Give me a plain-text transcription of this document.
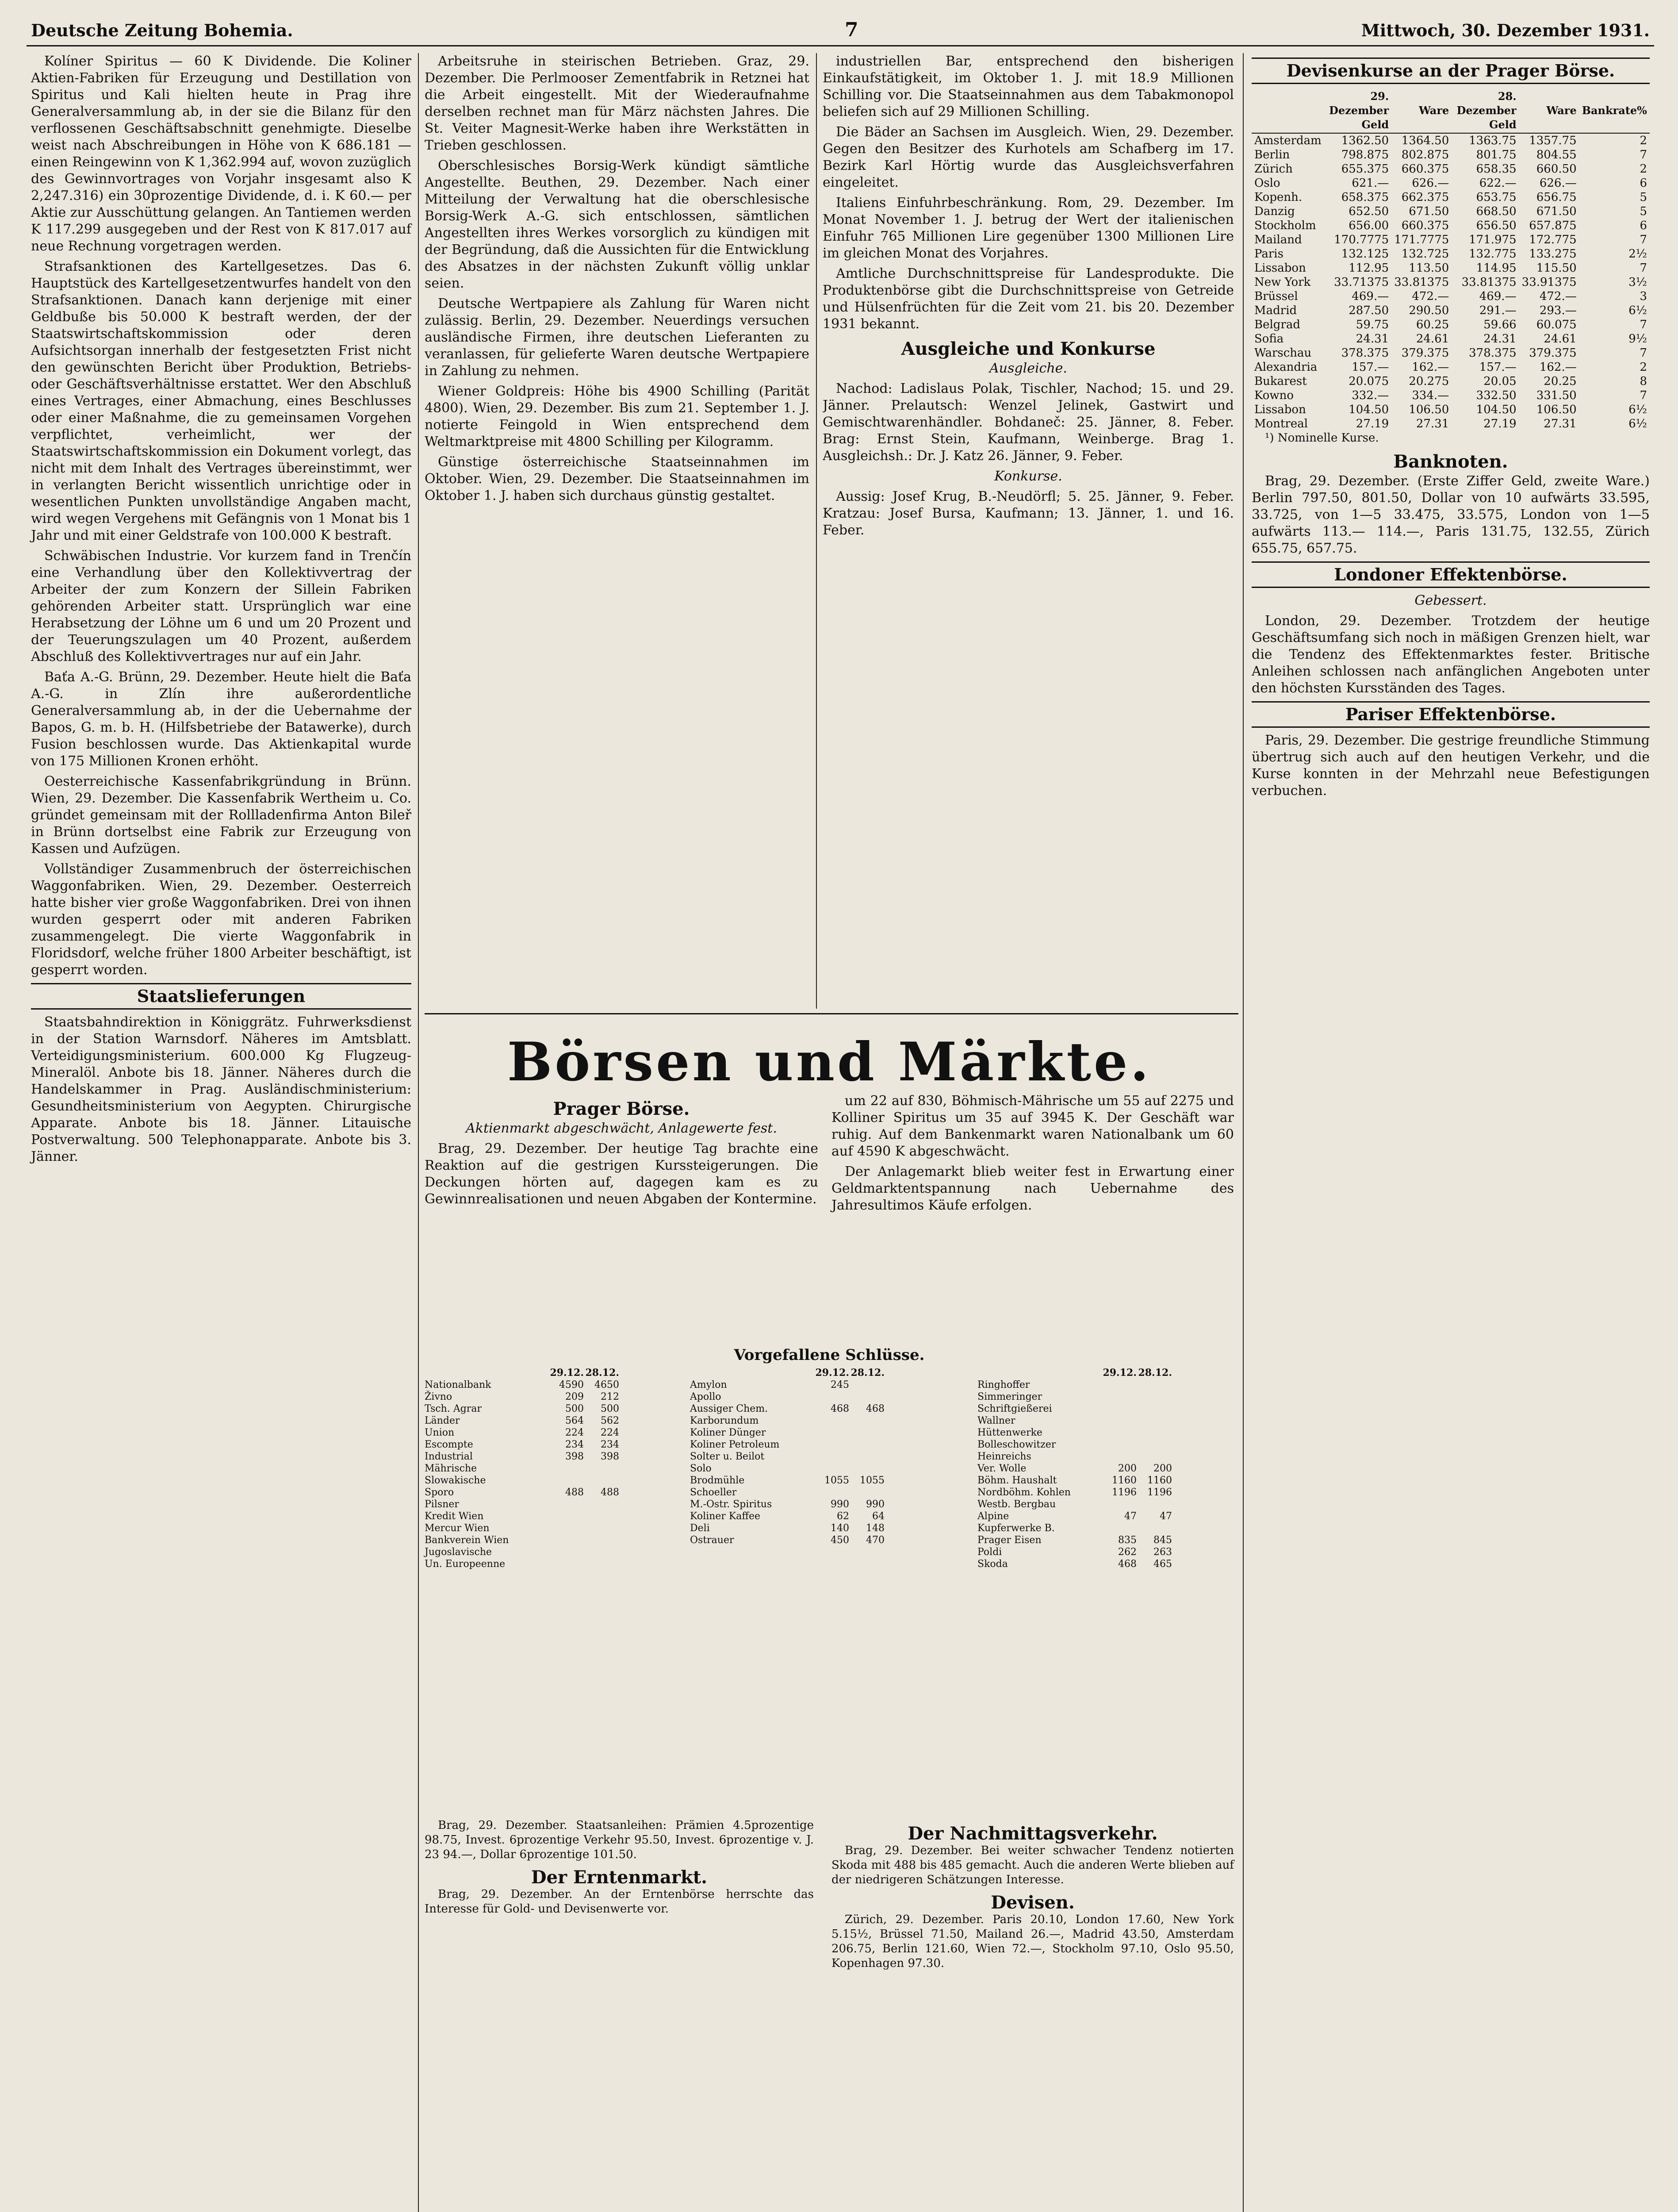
Deutsche Zeitung Bohemia.	7	Mittwoch, 30. Dezember 1931.

Kolíner Spiritus — 60 K Dividende. Die Koliner Aktien-Fabriken für Erzeugung und Destillation von Spiritus und Kali hielten heute in Prag ihre Generalversammlung ab, in der sie die Bilanz für den verflossenen Geschäftsabschnitt genehmigte. Dieselbe weist nach Abschreibungen in Höhe von K 686.181 — einen Reingewinn von K 1,362.994 auf, wovon zuzüglich des Gewinnvortrages von Vorjahr insgesamt also K 2,247.316) ein 30prozentige Dividende, d. i. K 60.— per Aktie zur Ausschüttung gelangen. An Tantiemen werden K 117.299 ausgegeben und der Rest von K 817.017 auf neue Rechnung vorgetragen werden.

Strafsanktionen des Kartellgesetzes. Das 6. Hauptstück des Kartellgesetzentwurfes handelt von den Strafsanktionen. Danach kann derjenige mit einer Geldbuße bis 50.000 K bestraft werden, der der Staatswirtschaftskommission oder deren Aufsichtsorgan innerhalb der festgesetzten Frist nicht den gewünschten Bericht über Produktion, Betriebs- oder Geschäftsverhältnisse erstattet. Wer den Abschluß eines Vertrages, einer Abmachung, eines Beschlusses oder einer Maßnahme, die zu gemeinsamen Vorgehen verpflichtet, verheimlicht, wer der Staatswirtschaftskommission ein Dokument vorlegt, das nicht mit dem Inhalt des Vertrages übereinstimmt, wer in verlangten Bericht wissentlich unrichtige oder in wesentlichen Punkten unvollständige Angaben macht, wird wegen Vergehens mit Gefängnis von 1 Monat bis 1 Jahr und mit einer Geldstrafe von 100.000 K bestraft.

Schwäbischen Industrie. Vor kurzem fand in Trenčín eine Verhandlung über den Kollektivvertrag der Arbeiter der zum Konzern der Sillein Fabriken gehörenden Arbeiter statt. Ursprünglich war eine Herabsetzung der Löhne um 6 und um 20 Prozent und der Teuerungszulagen um 40 Prozent, außerdem Abschluß des Kollektivvertrages nur auf ein Jahr.

Baťa A.-G. Brünn, 29. Dezember. Heute hielt die Baťa A.-G. in Zlín ihre außerordentliche Generalversammlung ab, in der die Uebernahme der Bapos, G. m. b. H. (Hilfsbetriebe der Batawerke), durch Fusion beschlossen wurde. Das Aktienkapital wurde von 175 Millionen Kronen erhöht.

Oesterreichische Kassenfabrikgründung in Brünn. Wien, 29. Dezember. Die Kassenfabrik Wertheim u. Co. gründet gemeinsam mit der Rollladenfirma Anton Bileř in Brünn dortselbst eine Fabrik zur Erzeugung von Kassen und Aufzügen.

Vollständiger Zusammenbruch der österreichischen Waggonfabriken. Wien, 29. Dezember. Oesterreich hatte bisher vier große Waggonfabriken. Drei von ihnen wurden gesperrt oder mit anderen Fabriken zusammengelegt. Die vierte Waggonfabrik in Floridsdorf, welche früher 1800 Arbeiter beschäftigt, ist gesperrt worden.

Staatslieferungen

Staatsbahndirektion in Königgrätz. Fuhrwerksdienst in der Station Warnsdorf. Näheres im Amtsblatt. Verteidigungsministerium. 600.000 Kg Flugzeug-Mineralöl. Anbote bis 18. Jänner. Näheres durch die Handelskammer in Prag. Ausländischministerium: Gesundheitsministerium von Aegypten. Chirurgische Apparate. Anbote bis 18. Jänner. Litauische Postverwaltung. 500 Telephonapparate. Anbote bis 3. Jänner.

Arbeitsruhe in steirischen Betrieben. Graz, 29. Dezember. Die Perlmooser Zementfabrik in Retznei hat die Arbeit eingestellt. Mit der Wiederaufnahme derselben rechnet man für März nächsten Jahres. Die St. Veiter Magnesit-Werke haben ihre Werkstätten in Trieben geschlossen.

Oberschlesisches Borsig-Werk kündigt sämtliche Angestellte. Beuthen, 29. Dezember. Nach einer Mitteilung der Verwaltung hat die oberschlesische Borsig-Werk A.-G. sich entschlossen, sämtlichen Angestellten ihres Werkes vorsorglich zu kündigen mit der Begründung, daß die Aussichten für die Entwicklung des Absatzes in der nächsten Zukunft völlig unklar seien.

Deutsche Wertpapiere als Zahlung für Waren nicht zulässig. Berlin, 29. Dezember. Neuerdings versuchen ausländische Firmen, ihre deutschen Lieferanten zu veranlassen, für gelieferte Waren deutsche Wertpapiere in Zahlung zu nehmen.

Wiener Goldpreis: Höhe bis 4900 Schilling (Parität 4800). Wien, 29. Dezember. Bis zum 21. September 1. J. notierte Feingold in Wien entsprechend dem Weltmarktpreise mit 4800 Schilling per Kilogramm.

Günstige österreichische Staatseinnahmen im Oktober. Wien, 29. Dezember. Die Staatseinnahmen im Oktober 1. J. haben sich durchaus günstig gestaltet.

industriellen Bar, entsprechend den bisherigen Einkaufstätigkeit, im Oktober 1. J. mit 18.9 Millionen Schilling vor. Die Staatseinnahmen aus dem Tabakmonopol beliefen sich auf 29 Millionen Schilling.

Die Bäder an Sachsen im Ausgleich. Wien, 29. Dezember. Gegen den Besitzer des Kurhotels am Schafberg im 17. Bezirk Karl Hörtig wurde das Ausgleichsverfahren eingeleitet.

Italiens Einfuhrbeschränkung. Rom, 29. Dezember. Im Monat November 1. J. betrug der Wert der italienischen Einfuhr 765 Millionen Lire gegenüber 1300 Millionen Lire im gleichen Monat des Vorjahres.

Amtliche Durchschnittspreise für Landesprodukte. Die Produktenbörse gibt die Durchschnittspreise von Getreide und Hülsenfrüchten für die Zeit vom 21. bis 20. Dezember 1931 bekannt.

Ausgleiche und Konkurse
Ausgleiche.

Nachod: Ladislaus Polak, Tischler, Nachod; 15. und 29. Jänner. Prelautsch: Wenzel Jelinek, Gastwirt und Gemischtwarenhändler. Bohdaneč: 25. Jänner, 8. Feber. Brag: Ernst Stein, Kaufmann, Weinberge. Brag 1. Ausgleichsh.: Dr. J. Katz 26. Jänner, 9. Feber.

Konkurse.

Aussig: Josef Krug, B.-Neudörfl; 5. 25. Jänner, 9. Feber. Kratzau: Josef Bursa, Kaufmann; 13. Jänner, 1. und 16. Feber.

Börsen und Märkte.
Prager Börse.
Aktienmarkt abgeschwächt, Anlagewerte fest.

Brag, 29. Dezember. Der heutige Tag brachte eine Reaktion auf die gestrigen Kurssteigerungen. Die Deckungen hörten auf, dagegen kam es zu Gewinnrealisationen und neuen Abgaben der Kontermine.

um 22 auf 830, Böhmisch-Mährische um 55 auf 2275 und Kolliner Spiritus um 35 auf 3945 K. Der Geschäft war ruhig. Auf dem Bankenmarkt waren Nationalbank um 60 auf 4590 K abgeschwächt.

Der Anlagemarkt blieb weiter fest in Erwartung einer Geldmarktentspannung nach Uebernahme des Jahresultimos Käufe erfolgen.

Vorgefallene Schlüsse.
29.12. 28.12.
Nationalbank	4590	4650
Živno	209	212
Tsch. Agrar	500	500
Länder	564	562
Union	224	224
Escompte	234	234
Industrial	398	398
Mährische
Slowakische
Sporo	488	488
Pilsner
Kredit Wien
Mercur Wien
Bankverein Wien
Jugoslavische
Un. Europeenne
29.12. 28.12.
Amylon	245
Apollo
Aussiger Chem.	468	468
Karborundum
Koliner Dünger
Koliner Petroleum
Solter u. Beilot
Solo
Brodmühle	1055	1055
Schoeller
M.-Ostr. Spiritus	990	990
Koliner Kaffee	62	64
Deli	140	148
Ostrauer	450	470
29.12. 28.12.
Ringhoffer
Simmeringer
Schriftgießerei
Wallner
Hüttenwerke
Bolleschowitzer
Heinreichs
Ver. Wolle	200	200
Böhm. Haushalt	1160	1160
Nordböhm. Kohlen	1196	1196
Westb. Bergbau
Alpine	47	47
Kupferwerke B.
Prager Eisen	835	845
Poldi	262	263
Skoda	468	465

Brag, 29. Dezember. Staatsanleihen: Prämien 4.5prozentige 98.75, Invest. 6prozentige Verkehr 95.50, Invest. 6prozentige v. J. 23 94.—, Dollar 6prozentige 101.50.

Der Erntenmarkt.

Brag, 29. Dezember. An der Erntenbörse herrschte das Interesse für Gold- und Devisenwerte vor.

Der Nachmittagsverkehr.

Brag, 29. Dezember. Bei weiter schwacher Tendenz notierten Skoda mit 488 bis 485 gemacht. Auch die anderen Werte blieben auf der niedrigeren Schätzungen Interesse.

Devisen.

Zürich, 29. Dezember. Paris 20.10, London 17.60, New York 5.15½, Brüssel 71.50, Mailand 26.—, Madrid 43.50, Amsterdam 206.75, Berlin 121.60, Wien 72.—, Stockholm 97.10, Oslo 95.50, Kopenhagen 97.30.

Devisenkurse an der Prager Börse.
	29. Dezember Geld	Ware	28. Dezember Geld	Ware	Bankrate%
Amsterdam	1362.50	1364.50	1363.75	1357.75	2
Berlin	798.875	802.875	801.75	804.55	7
Zürich	655.375	660.375	658.35	660.50	2
Oslo	621.—	626.—	622.—	626.—	6
Kopenh.	658.375	662.375	653.75	656.75	5
Danzig	652.50	671.50	668.50	671.50	5
Stockholm	656.00	660.375	656.50	657.875	6
Mailand	170.7775	171.7775	171.975	172.775	7
Paris	132.125	132.725	132.775	133.275	2½
Lissabon	112.95	113.50	114.95	115.50	7
New York	33.71375	33.81375	33.81375	33.91375	3½
Brüssel	469.—	472.—	469.—	472.—	3
Madrid	287.50	290.50	291.—	293.—	6½
Belgrad	59.75	60.25	59.66	60.075	7
Sofia	24.31	24.61	24.31	24.61	9½
Warschau	378.375	379.375	378.375	379.375	7
Alexandria	157.—	162.—	157.—	162.—	2
Bukarest	20.075	20.275	20.05	20.25	8
Kowno	332.—	334.—	332.50	331.50	7
Lissabon	104.50	106.50	104.50	106.50	6½
Montreal	27.19	27.31	27.19	27.31	6½

¹) Nominelle Kurse.

Banknoten.

Brag, 29. Dezember. (Erste Ziffer Geld, zweite Ware.) Berlin 797.50, 801.50, Dollar von 10 aufwärts 33.595, 33.725, von 1—5 33.475, 33.575, London von 1—5 aufwärts 113.— 114.—, Paris 131.75, 132.55, Zürich 655.75, 657.75.

Londoner Effektenbörse.
Gebessert.

London, 29. Dezember. Trotzdem der heutige Geschäftsumfang sich noch in mäßigen Grenzen hielt, war die Tendenz des Effektenmarktes fester. Britische Anleihen schlossen nach anfänglichen Angeboten unter den höchsten Kursständen des Tages.

Pariser Effektenbörse.

Paris, 29. Dezember. Die gestrige freundliche Stimmung übertrug sich auch auf den heutigen Verkehr, und die Kurse konnten in der Mehrzahl neue Befestigungen verbuchen.
